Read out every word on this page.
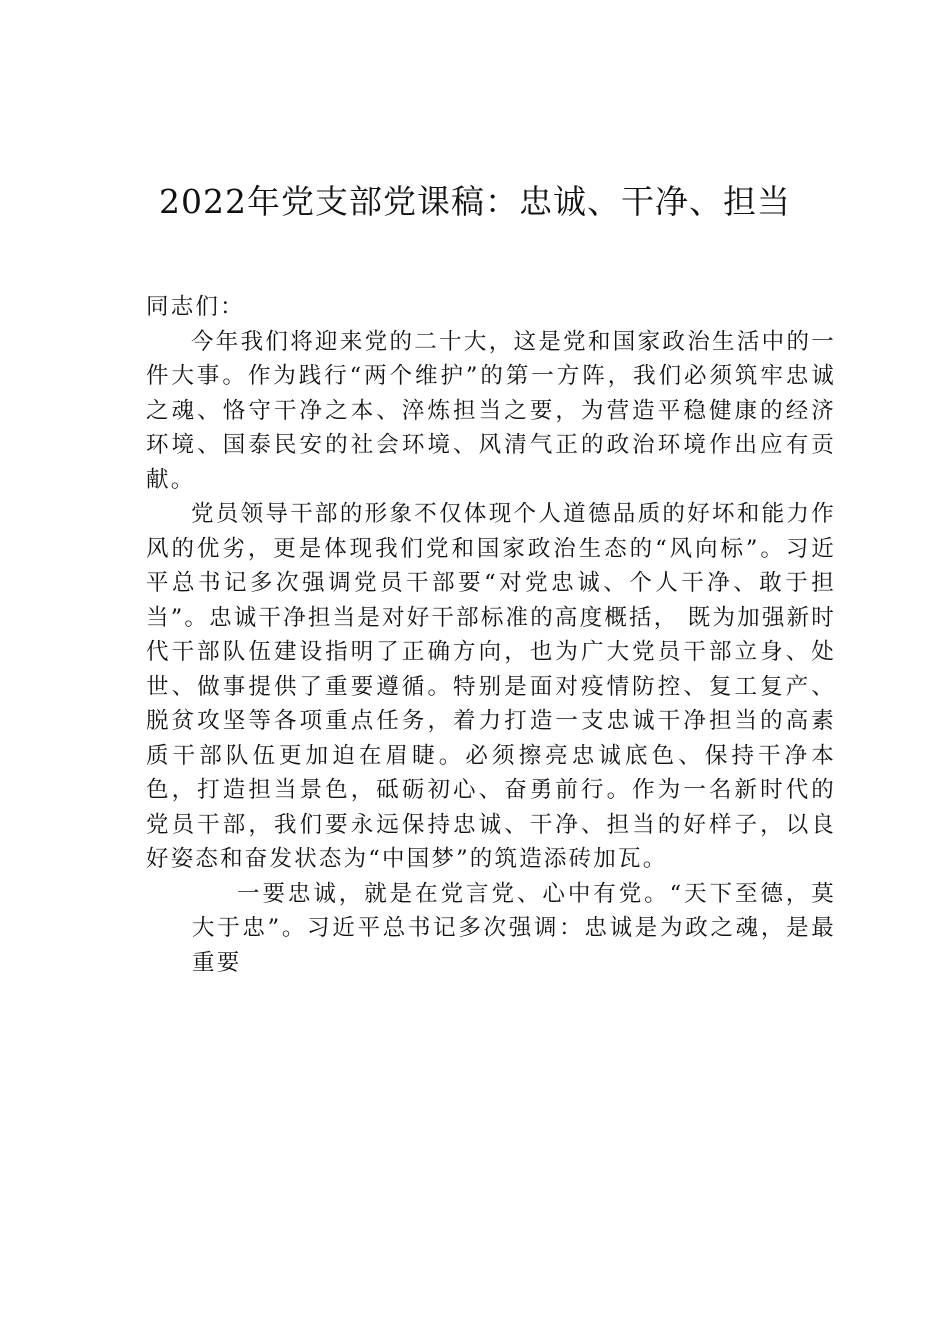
2022年党支部党课稿：忠诚、干净、担当

同志们：

今年我们将迎来党的二十大，这是党和国家政治生活中的一件大事。作为践行“两个维护”的第一方阵，我们必须筑牢忠诚之魂、恪守干净之本、淬炼担当之要，为营造平稳健康的经济环境、国泰民安的社会环境、风清气正的政治环境作出应有贡献。

党员领导干部的形象不仅体现个人道德品质的好坏和能力作风的优劣，更是体现我们党和国家政治生态的“风向标”。习近平总书记多次强调党员干部要“对党忠诚、个人干净、敢于担当”。忠诚干净担当是对好干部标准的高度概括， 既为加强新时代干部队伍建设指明了正确方向，也为广大党员干部立身、处世、做事提供了重要遵循。特别是面对疫情防控、复工复产、脱贫攻坚等各项重点任务，着力打造一支忠诚干净担当的高素质干部队伍更加迫在眉睫。必须擦亮忠诚底色、保持干净本色，打造担当景色，砥砺初心、奋勇前行。作为一名新时代的党员干部，我们要永远保持忠诚、干净、担当的好样子，以良好姿态和奋发状态为“中国梦”的筑造添砖加瓦。

一要忠诚，就是在党言党、心中有党。“天下至德，莫大于忠”。习近平总书记多次强调：忠诚是为政之魂，是最重要
